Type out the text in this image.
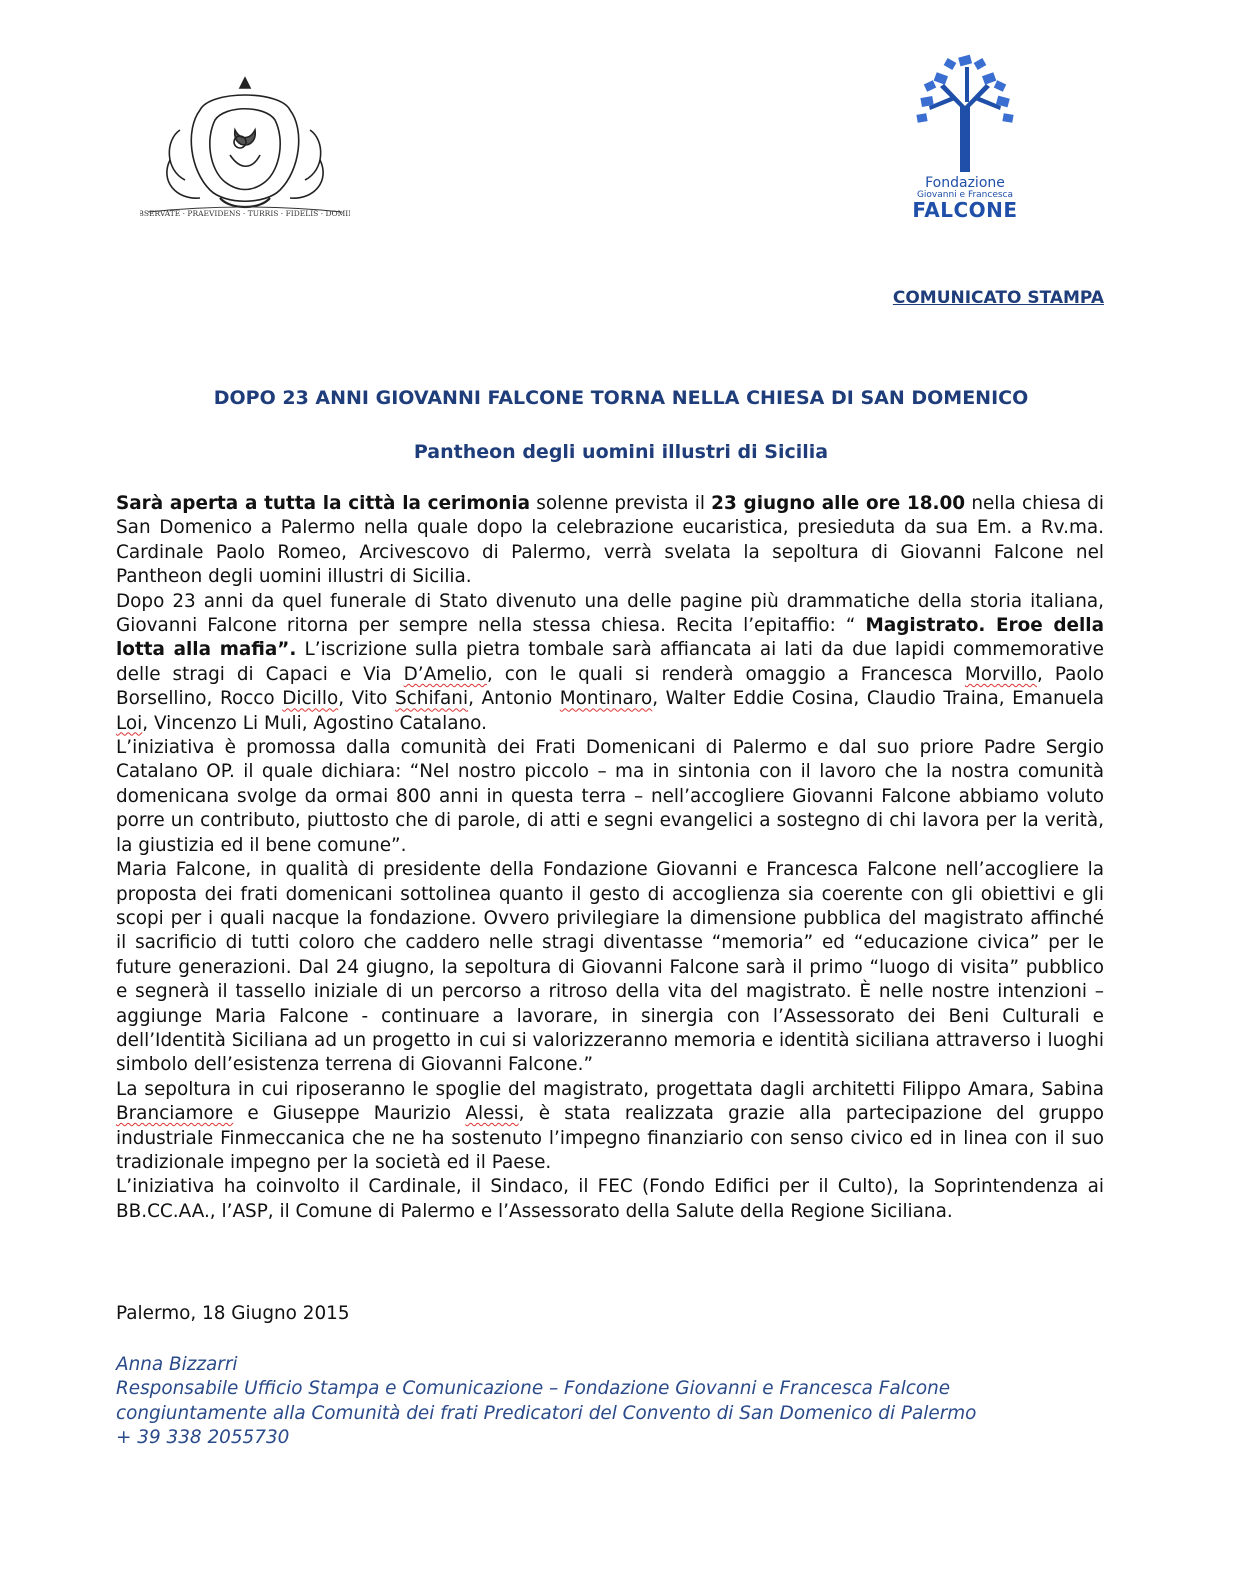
OBSERVATE · PRAEVIDENS · TURRIS · FIDELIS · DOMINI
Fondazione
Giovanni e Francesca
FALCONE
COMUNICATO STAMPA
DOPO 23 ANNI GIOVANNI FALCONE TORNA NELLA CHIESA DI SAN DOMENICO
Pantheon degli uomini illustri di Sicilia

Sarà aperta a tutta la città la cerimonia solenne prevista il 23 giugno alle ore 18.00 nella chiesa di San Domenico a Palermo nella quale dopo la celebrazione eucaristica, presieduta da sua Em. a Rv.ma. Cardinale Paolo Romeo, Arcivescovo di Palermo, verrà svelata la sepoltura di Giovanni Falcone nel Pantheon degli uomini illustri di Sicilia.

Dopo 23 anni da quel funerale di Stato divenuto una delle pagine più drammatiche della storia italiana, Giovanni Falcone ritorna per sempre nella stessa chiesa. Recita l’epitaffio: “ Magistrato. Eroe della lotta alla mafia”. L’iscrizione sulla pietra tombale sarà affiancata ai lati da due lapidi commemorative delle stragi di Capaci e Via D’Amelio, con le quali si renderà omaggio a Francesca Morvillo, Paolo Borsellino, Rocco Dicillo, Vito Schifani, Antonio Montinaro, Walter Eddie Cosina, Claudio Traina, Emanuela Loi, Vincenzo Li Muli, Agostino Catalano.

L’iniziativa è promossa dalla comunità dei Frati Domenicani di Palermo e dal suo priore Padre Sergio Catalano OP. il quale dichiara: “Nel nostro piccolo – ma in sintonia con il lavoro che la nostra comunità domenicana svolge da ormai 800 anni in questa terra – nell’accogliere Giovanni Falcone abbiamo voluto porre un contributo, piuttosto che di parole, di atti e segni evangelici a sostegno di chi lavora per la verità, la giustizia ed il bene comune”.

Maria Falcone, in qualità di presidente della Fondazione Giovanni e Francesca Falcone nell’accogliere la proposta dei frati domenicani sottolinea quanto il gesto di accoglienza sia coerente con gli obiettivi e gli scopi per i quali nacque la fondazione. Ovvero privilegiare la dimensione pubblica del magistrato affinché il sacrificio di tutti coloro che caddero nelle stragi diventasse “memoria” ed “educazione civica” per le future generazioni. Dal 24 giugno, la sepoltura di Giovanni Falcone sarà il primo “luogo di visita” pubblico e segnerà il tassello iniziale di un percorso a ritroso della vita del magistrato. È nelle nostre intenzioni – aggiunge Maria Falcone - continuare a lavorare, in sinergia con l’Assessorato dei Beni Culturali e dell’Identità Siciliana ad un progetto in cui si valorizzeranno memoria e identità siciliana attraverso i luoghi simbolo dell’esistenza terrena di Giovanni Falcone.”

La sepoltura in cui riposeranno le spoglie del magistrato, progettata dagli architetti Filippo Amara, Sabina Branciamore e Giuseppe Maurizio Alessi, è stata realizzata grazie alla partecipazione del gruppo industriale Finmeccanica che ne ha sostenuto l’impegno finanziario con senso civico ed in linea con il suo tradizionale impegno per la società ed il Paese.

L’iniziativa ha coinvolto il Cardinale, il Sindaco, il FEC (Fondo Edifici per il Culto), la Soprintendenza ai BB.CC.AA., l’ASP, il Comune di Palermo e l’Assessorato della Salute della Regione Siciliana.

Palermo, 18 Giugno 2015
Anna Bizzarri
Responsabile Ufficio Stampa e Comunicazione – Fondazione Giovanni e Francesca Falcone
congiuntamente alla Comunità dei frati Predicatori del Convento di San Domenico di Palermo
+ 39 338 2055730
